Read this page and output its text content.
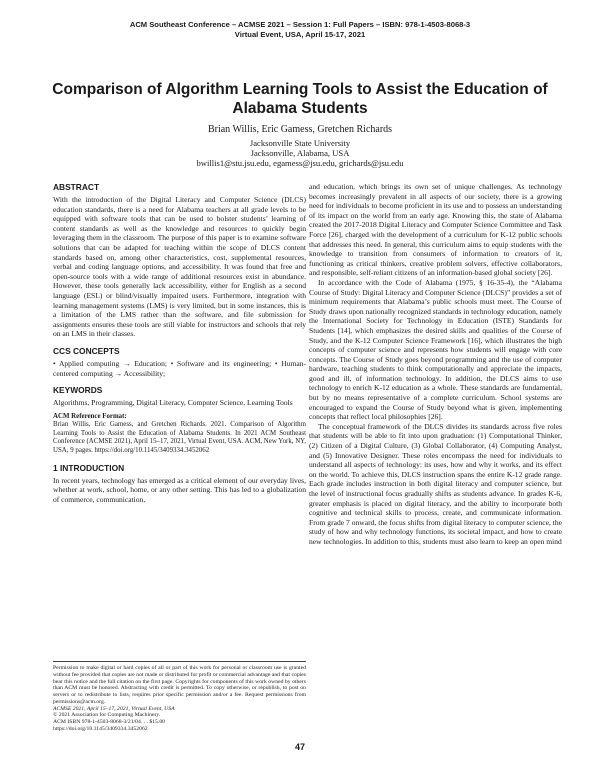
ACM Southeast Conference – ACMSE 2021 – Session 1: Full Papers – ISBN: 978-1-4503-8068-3
Virtual Event, USA, April 15-17, 2021
Comparison of Algorithm Learning Tools to Assist the Education of Alabama Students
Brian Willis, Eric Gamess, Gretchen Richards
Jacksonville State University
Jacksonville, Alabama, USA
bwillis1@stu.jsu.edu, egamess@jsu.edu, grichards@jsu.edu
ABSTRACT

With the introduction of the Digital Literacy and Computer Science (DLCS) education standards, there is a need for Alabama teachers at all grade levels to be equipped with software tools that can be used to bolster students’ learning of content standards as well as the knowledge and resources to quickly begin leveraging them in the classroom. The purpose of this paper is to examine software solutions that can be adapted for teaching within the scope of DLCS content standards based on, among other characteristics, cost, supplemental resources, verbal and coding language options, and accessibility. It was found that free and open-source tools with a wide range of additional resources exist in abundance. However, these tools generally lack accessibility, either for English as a second language (ESL) or blind/visually impaired users. Furthermore, integration with learning management systems (LMS) is very limited, but in some instances, this is a limitation of the LMS rather than the software, and file submission for assignments ensures these tools are still viable for instructors and schools that rely on an LMS in their classes.

CCS CONCEPTS

• Applied computing → Education; • Software and its engineering; • Human-centered computing → Accessibility;

KEYWORDS

Algorithms, Programming, Digital Literacy, Computer Science, Learning Tools

ACM Reference Format:

Brian Willis, Eric Gamess, and Gretchen Richards. 2021. Comparison of Algorithm Learning Tools to Assist the Education of Alabama Students. In 2021 ACM Southeast Conference (ACMSE 2021), April 15–17, 2021, Virtual Event, USA. ACM, New York, NY, USA, 9 pages. https://doi.org/10.1145/3409334.3452062

1 INTRODUCTION

In recent years, technology has emerged as a critical element of our everyday lives, whether at work, school, home, or any other setting. This has led to a globalization of commerce, communication,

Permission to make digital or hard copies of all or part of this work for personal or classroom use is granted without fee provided that copies are not made or distributed for profit or commercial advantage and that copies bear this notice and the full citation on the first page. Copyrights for components of this work owned by others than ACM must be honored. Abstracting with credit is permitted. To copy otherwise, or republish, to post on servers or to redistribute to lists, requires prior specific permission and/or a fee. Request permissions from permissions@acm.org.

ACMSE 2021, April 15–17, 2021, Virtual Event, USA
© 2021 Association for Computing Machinery.
ACM ISBN 978-1-4503-8068-3/21/04. . . $15.00
https://doi.org/10.1145/3409334.3452062

and education, which brings its own set of unique challenges. As technology becomes increasingly prevalent in all aspects of our society, there is a growing need for individuals to become proficient in its use and to possess an understanding of its impact on the world from an early age. Knowing this, the state of Alabama created the 2017-2018 Digital Literacy and Computer Science Committee and Task Force [26], charged with the development of a curriculum for K-12 public schools that addresses this need. In general, this curriculum aims to equip students with the knowledge to transition from consumers of information to creators of it, functioning as critical thinkers, creative problem solvers, effective collaborators, and responsible, self-reliant citizens of an information-based global society [26].

In accordance with the Code of Alabama (1975, § 16-35-4), the “Alabama Course of Study: Digital Literacy and Computer Science (DLCS)” provides a set of minimum requirements that Alabama’s public schools must meet. The Course of Study draws upon nationally recognized standards in technology education, namely the International Society for Technology in Education (ISTE) Standards for Students [14], which emphasizes the desired skills and qualities of the Course of Study, and the K-12 Computer Science Framework [16], which illustrates the high concepts of computer science and represents how students will engage with core concepts. The Course of Study goes beyond programming and the use of computer hardware, teaching students to think computationally and appreciate the impacts, good and ill, of information technology. In addition, the DLCS aims to use technology to enrich K-12 education as a whole. These standards are fundamental, but by no means representative of a complete curriculum. School systems are encouraged to expand the Course of Study beyond what is given, implementing concepts that reflect local philosophies [26].

The conceptual framework of the DLCS divides its standards across five roles that students will be able to fit into upon graduation: (1) Computational Thinker, (2) Citizen of a Digital Culture, (3) Global Collaborator, (4) Computing Analyst, and (5) Innovative Designer. These roles encompass the need for individuals to understand all aspects of technology: its uses, how and why it works, and its effect on the world. To achieve this, DLCS instruction spans the entire K-12 grade range. Each grade includes instruction in both digital literacy and computer science, but the level of instructional focus gradually shifts as students advance. In grades K-6, greater emphasis is placed on digital literacy, and the ability to incorporate both cognitive and technical skills to process, create, and communicate information. From grade 7 onward, the focus shifts from digital literacy to computer science, the study of how and why technology functions, its societal impact, and how to create new technologies. In addition to this, students must also learn to keep an open mind

47
